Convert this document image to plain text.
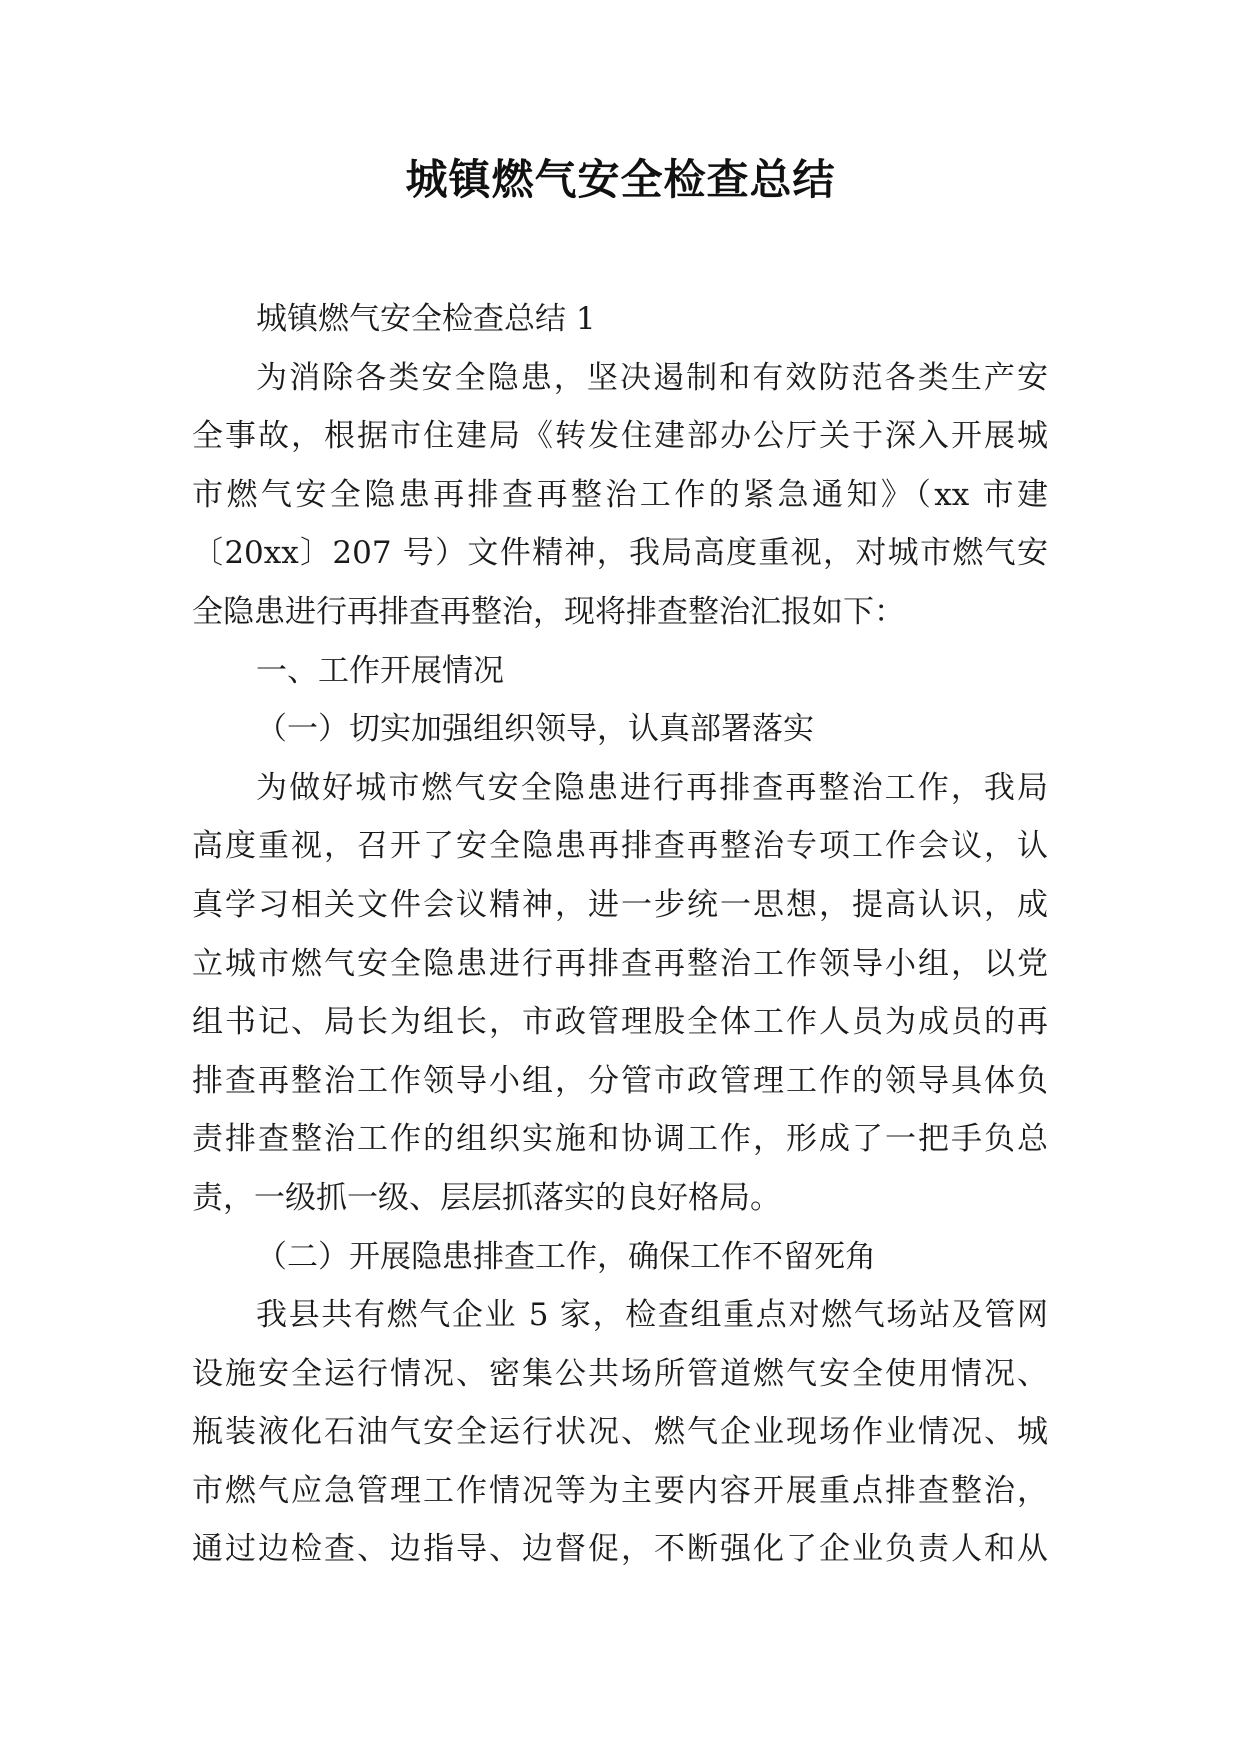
城镇燃气安全检查总结
城镇燃气安全检查总结 1
为消除各类安全隐患，坚决遏制和有效防范各类生产安
全事故，根据市住建局《转发住建部办公厅关于深入开展城
市燃气安全隐患再排查再整治工作的紧急通知》（xx 市建
〔20xx〕207 号）文件精神，我局高度重视，对城市燃气安
全隐患进行再排查再整治，现将排查整治汇报如下：
一、工作开展情况
（一）切实加强组织领导，认真部署落实
为做好城市燃气安全隐患进行再排查再整治工作，我局
高度重视，召开了安全隐患再排查再整治专项工作会议，认
真学习相关文件会议精神，进一步统一思想，提高认识，成
立城市燃气安全隐患进行再排查再整治工作领导小组，以党
组书记、局长为组长，市政管理股全体工作人员为成员的再
排查再整治工作领导小组，分管市政管理工作的领导具体负
责排查整治工作的组织实施和协调工作，形成了一把手负总
责，一级抓一级、层层抓落实的良好格局。
（二）开展隐患排查工作，确保工作不留死角
我县共有燃气企业 5 家，检查组重点对燃气场站及管网
设施安全运行情况、密集公共场所管道燃气安全使用情况、
瓶装液化石油气安全运行状况、燃气企业现场作业情况、城
市燃气应急管理工作情况等为主要内容开展重点排查整治，
通过边检查、边指导、边督促，不断强化了企业负责人和从
